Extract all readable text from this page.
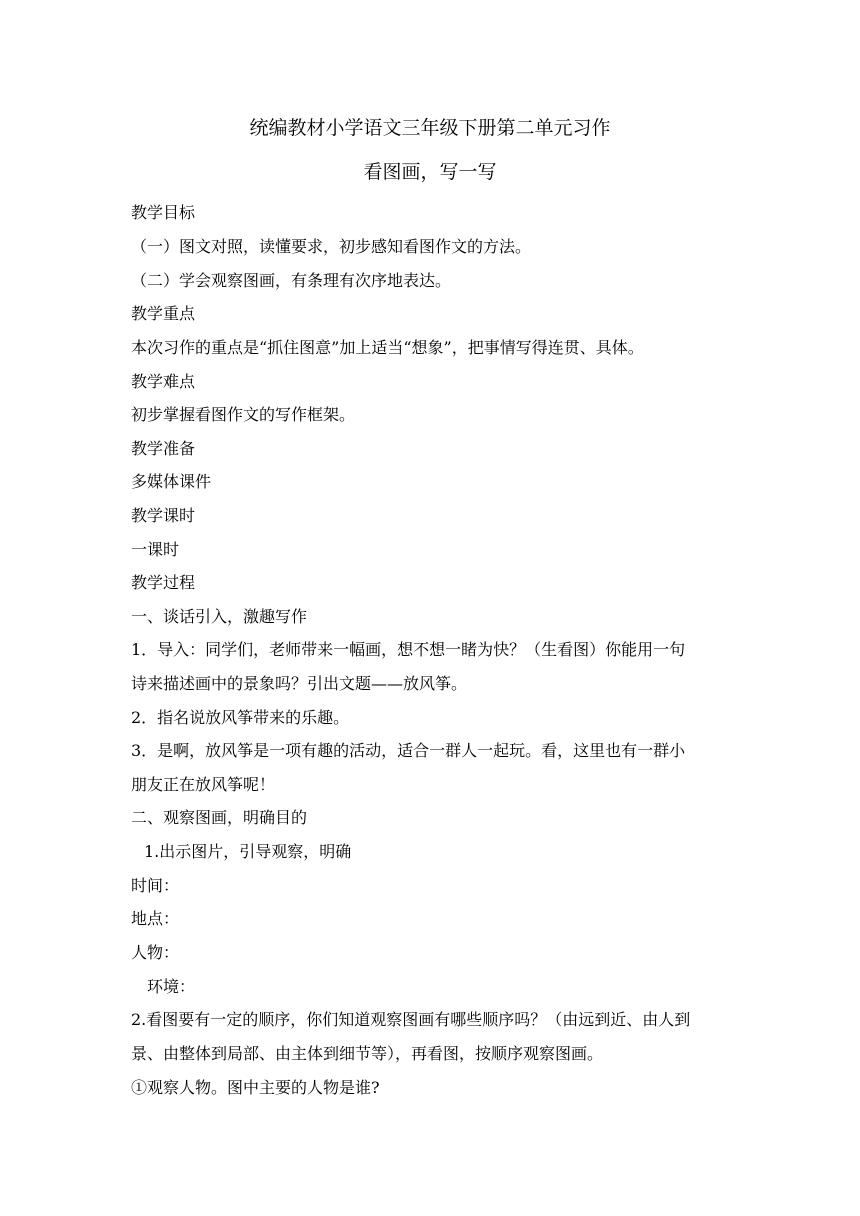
统编教材小学语文三年级下册第二单元习作
看图画，写一写
教学目标
（一）图文对照，读懂要求，初步感知看图作文的方法。
（二）学会观察图画，有条理有次序地表达。
教学重点
本次习作的重点是“抓住图意”加上适当“想象”，把事情写得连贯、具体。
教学难点
初步掌握看图作文的写作框架。
教学准备
多媒体课件
教学课时
一课时
教学过程
一、谈话引入，激趣写作
1．导入：同学们，老师带来一幅画，想不想一睹为快？（生看图）你能用一句
诗来描述画中的景象吗？引出文题——放风筝。
2．指名说放风筝带来的乐趣。
3．是啊，放风筝是一项有趣的活动，适合一群人一起玩。看，这里也有一群小
朋友正在放风筝呢！
二、观察图画，明确目的
1.出示图片，引导观察，明确
时间：
地点：
人物：
环境：
2.看图要有一定的顺序，你们知道观察图画有哪些顺序吗？（由远到近、由人到
景、由整体到局部、由主体到细节等），再看图，按顺序观察图画。
①观察人物。图中主要的人物是谁?
